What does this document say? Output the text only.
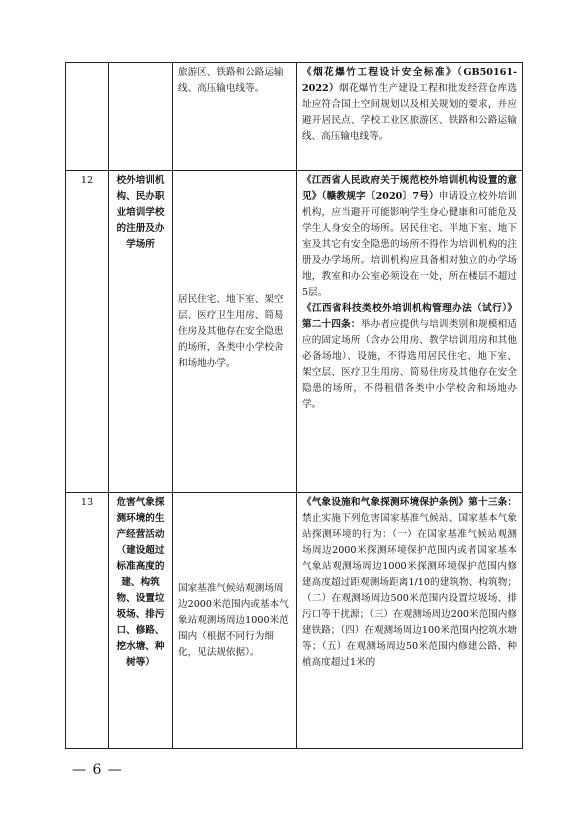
		旅游区、铁路和公路运输线、高压输电线等。	《烟花爆竹工程设计安全标准》（GB50161-2022）烟花爆竹生产建设工程和批发经营仓库选址应符合国土空间规划以及相关规划的要求，并应避开居民点、学校工业区旅游区、铁路和公路运输线、高压输电线等。

12	校外培训机构、民办职业培训学校的注册及办学场所	居民住宅、地下室、架空层、医疗卫生用房、简易住房及其他存在安全隐患的场所，各类中小学校舍和场地办学。	《江西省人民政府关于规范校外培训机构设置的意见》（赣教规字〔2020〕7号）申请设立校外培训机构，应当避开可能影响学生身心健康和可能危及学生人身安全的场所。居民住宅、半地下室、地下室及其它有安全隐患的场所不得作为培训机构的注册及办学场所。培训机构应具备相对独立的办学场地，教室和办公室必须设在一处，所在楼层不超过5层。

《江西省科技类校外培训机构管理办法（试行）》第二十四条：举办者应提供与培训类别和规模相适应的固定场所（含办公用房、教学培训用房和其他必备场地）、设施，不得选用居民住宅、地下室、架空层、医疗卫生用房、简易住房及其他存在安全隐患的场所，不得租借各类中小学校舍和场地办学。

13	危害气象探测环境的生产经营活动（建设超过标准高度的建、构筑物、设置垃圾场、排污口、修路、挖水塘、种树等）	国家基准气候站观测场周边2000米范围内或基本气象站观测场周边1000米范围内（根据不同行为细化，见法规依据）。	《气象设施和气象探测环境保护条例》第十三条：禁止实施下列危害国家基准气候站、国家基本气象站探测环境的行为：（一）在国家基准气候站观测场周边2000米探测环境保护范围内或者国家基本气象站观测场周边1000米探测环境保护范围内修建高度超过距观测场距离1/10的建筑物、构筑物；（二）在观测场周边500米范围内设置垃圾场、排污口等干扰源；（三）在观测场周边200米范围内修建铁路；（四）在观测场周边100米范围内挖筑水塘等；（五）在观测场周边50米范围内修建公路、种植高度超过1米的

— 6 —
